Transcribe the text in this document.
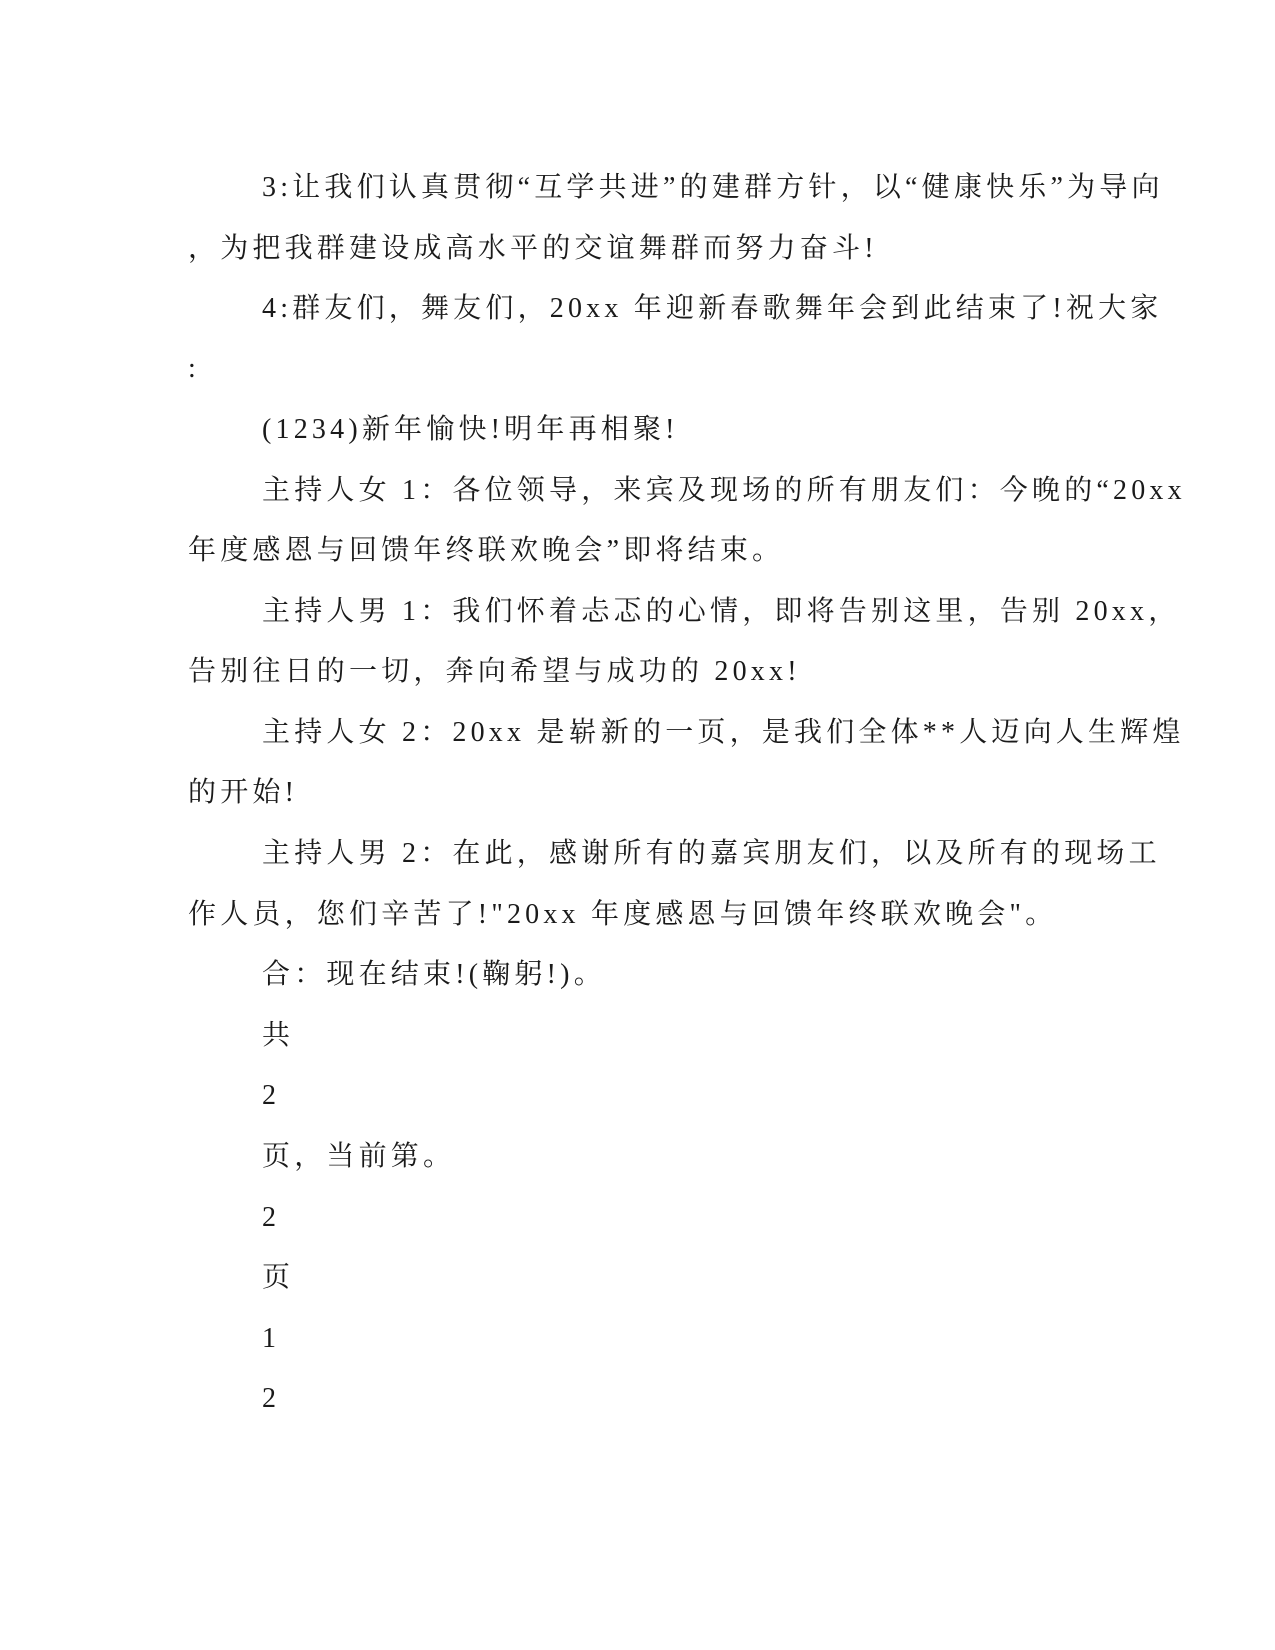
3:让我们认真贯彻“互学共进”的建群方针，以“健康快乐”为导向
，为把我群建设成高水平的交谊舞群而努力奋斗!
4:群友们，舞友们，20xx 年迎新春歌舞年会到此结束了!祝大家
:
(1234)新年愉快!明年再相聚!
主持人女 1：各位领导，来宾及现场的所有朋友们：今晚的“20xx
年度感恩与回馈年终联欢晚会”即将结束。
主持人男 1：我们怀着忐忑的心情，即将告别这里，告别 20xx，
告别往日的一切，奔向希望与成功的 20xx!
主持人女 2：20xx 是崭新的一页，是我们全体**人迈向人生辉煌
的开始!
主持人男 2：在此，感谢所有的嘉宾朋友们，以及所有的现场工
作人员，您们辛苦了!"20xx 年度感恩与回馈年终联欢晚会"。
合：现在结束!(鞠躬!)。
共
2
页，当前第。
2
页
1
2
